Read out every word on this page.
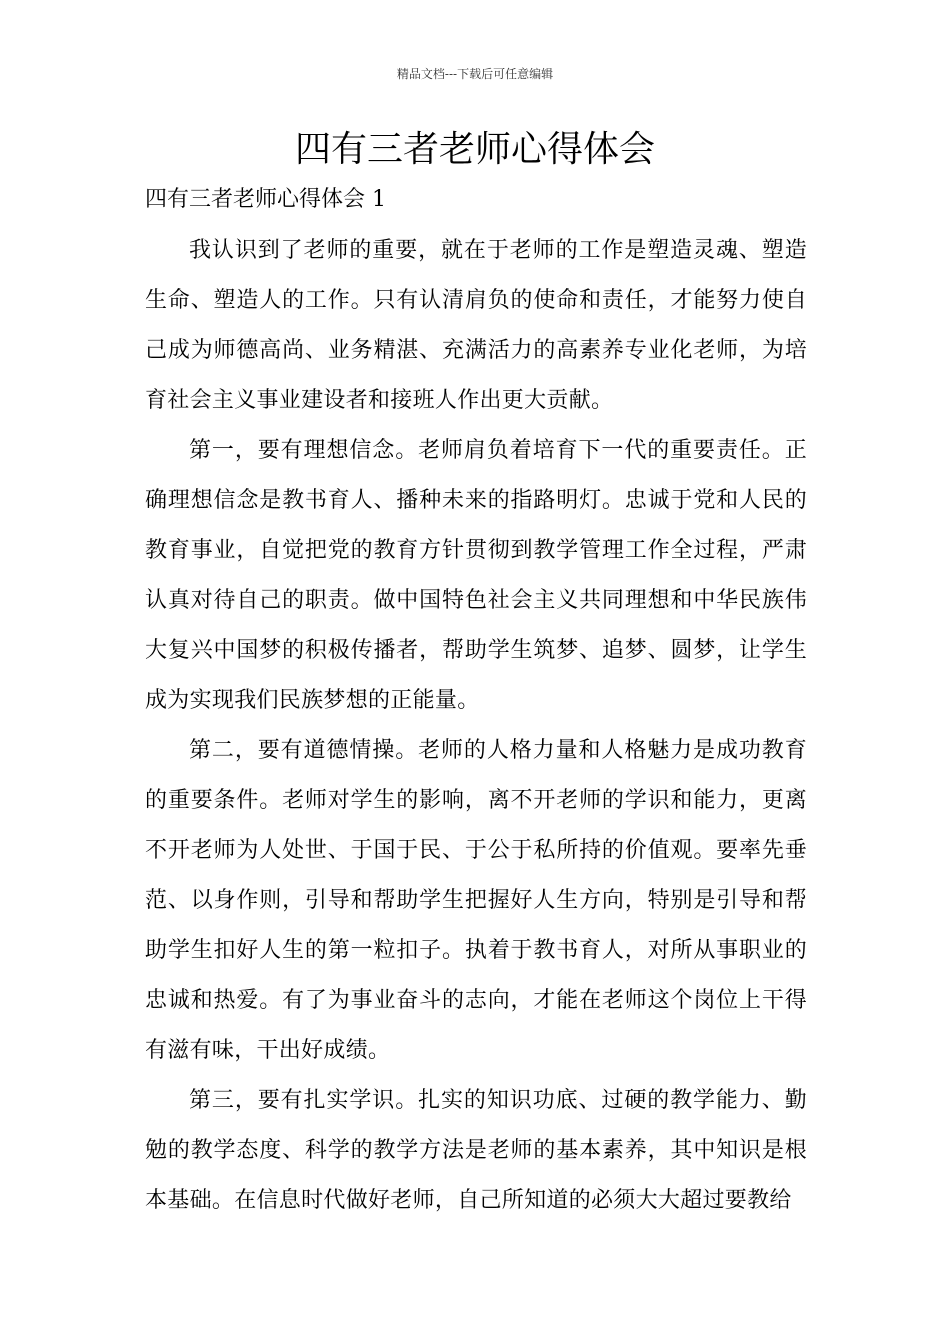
精品文档---下载后可任意编辑
四有三者老师心得体会

四有三者老师心得体会 1

我认识到了老师的重要，就在于老师的工作是塑造灵魂、塑造生命、塑造人的工作。只有认清肩负的使命和责任，才能努力使自己成为师德高尚、业务精湛、充满活力的高素养专业化老师，为培育社会主义事业建设者和接班人作出更大贡献。

第一，要有理想信念。老师肩负着培育下一代的重要责任。正确理想信念是教书育人、播种未来的指路明灯。忠诚于党和人民的教育事业，自觉把党的教育方针贯彻到教学管理工作全过程，严肃认真对待自己的职责。做中国特色社会主义共同理想和中华民族伟大复兴中国梦的积极传播者，帮助学生筑梦、追梦、圆梦，让学生成为实现我们民族梦想的正能量。

第二，要有道德情操。老师的人格力量和人格魅力是成功教育的重要条件。老师对学生的影响，离不开老师的学识和能力，更离不开老师为人处世、于国于民、于公于私所持的价值观。要率先垂范、以身作则，引导和帮助学生把握好人生方向，特别是引导和帮助学生扣好人生的第一粒扣子。执着于教书育人，对所从事职业的忠诚和热爱。有了为事业奋斗的志向，才能在老师这个岗位上干得有滋有味，干出好成绩。

第三，要有扎实学识。扎实的知识功底、过硬的教学能力、勤勉的教学态度、科学的教学方法是老师的基本素养，其中知识是根本基础。在信息时代做好老师，自己所知道的必须大大超过要教给
